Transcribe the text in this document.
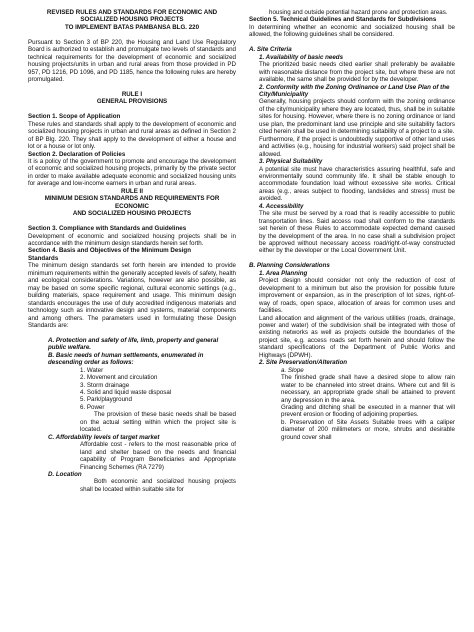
REVISED RULES AND STANDARDS FOR ECONOMIC AND

SOCIALIZED HOUSING PROJECTS

TO IMPLEMENT BATAS PAMBANSA BLG. 220

Pursuant to Section 3 of BP 220, the Housing and Land Use Regulatory Board is authorized to establish and promulgate two levels of standards and technical requirements for the development of economic and socialized housing projects/units in urban and rural areas from those provided in PD 957, PD 1216, PD 1096, and PD 1185, hence the following rules are hereby promulgated.

RULE I

GENERAL PROVISIONS

Section 1. Scope of Application

These rules and standards shall apply to the development of economic and socialized housing projects in urban and rural areas as defined in Section 2 of BP Blg. 220. They shall apply to the development of either a house and lot or a house or lot only.

Section 2. Declaration of Policies

It is a policy of the government to promote and encourage the development of economic and socialized housing projects, primarily by the private sector in order to make available adequate economic and socialized housing units for average and low-income earners in urban and rural areas.

RULE II

MINIMUM DESIGN STANDARDS AND REQUIREMENTS FOR

ECONOMIC

AND SOCIALIZED HOUSING PROJECTS

Section 3. Compliance with Standards and Guidelines

Development of economic and socialized housing projects shall be in accordance with the minimum design standards herein set forth.

Section 4. Basis and Objectives of the Minimum Design

Standards

The minimum design standards set forth herein are intended to provide minimum requirements within the generally accepted levels of safety, health and ecological considerations. Variations, however are also possible, as may be based on some specific regional, cultural economic settings (e.g., building materials, space requirement and usage. This minimum design standards encourages the use of duly accredited indigenous materials and technology such as innovative design and systems, material components and among others. The parameters used in formulating these Design Standards are:

A. Protection and safety of life, limb, property and general public welfare.

B. Basic needs of human settlements, enumerated in descending order as follows:

1. Water

2. Movement and circulation

3. Storm drainage

4. Solid and liquid waste disposal

5. Park/playground

6. Power

The provision of these basic needs shall be based on the actual setting within which the project site is located.

C. Affordability levels of target market

Affordable cost - refers to the most reasonable price of land and shelter based on the needs and financial capability of Program Beneficiaries and Appropriate Financing Schemes (RA 7279)

D. Location

Both economic and socialized housing projects shall be located within suitable site for

housing and outside potential hazard prone and protection areas.

Section 5. Technical Guidelines and Standards for Subdivisions

In determining whether an economic and socialized housing shall be allowed, the following guidelines shall be considered.

A. Site Criteria

1. Availability of basic needs

The prioritized basic needs cited earlier shall preferably be available with reasonable distance from the project site, but where these are not available, the same shall be provided for by the developer.

2. Conformity with the Zoning Ordinance or Land Use Plan of the City/Municipality

Generally, housing projects should conform with the zoning ordinance of the city/municipality where they are located, thus, shall be in suitable sites for housing. However, where there is no zoning ordinance or land use plan, the predominant land use principle and site suitability factors cited herein shall be used in determining suitability of a project to a site.

Furthermore, if the project is undoubtedly supportive of other land uses and activities (e.g., housing for industrial workers) said project shall be allowed.

3. Physical Suitability

A potential site must have characteristics assuring healthful, safe and environmentally sound community life. It shall be stable enough to accommodate foundation load without excessive site works. Critical areas (e.g., areas subject to flooding, landslides and stress) must be avoided.

4. Accessibility

The site must be served by a road that is readily accessible to public transportation lines. Said access road shall conform to the standards set herein of these Rules to accommodate expected demand caused by the development of the area. In no case shall a subdivision project be approved without necessary access road/right-of-way constructed either by the developer or the Local Government Unit.

B. Planning Considerations

1. Area Planning

Project design should consider not only the reduction of cost of development to a minimum but also the provision for possible future improvement or expansion, as in the prescription of lot sizes, right-of-way of roads, open space, allocation of areas for common uses and facilities.

Land allocation and alignment of the various utilities (roads, drainage, power and water) of the subdivision shall be integrated with those of existing networks as well as projects outside the boundaries of the project site, e.g. access roads set forth herein and should follow the standard specifications of the Department of Public Works and Highways (DPWH).

2. Site Preservation/Alteration

a. Slope

The finished grade shall have a desired slope to allow rain water to be channeled into street drains. Where cut and fill is necessary, an appropriate grade shall be attained to prevent any depression in the area.

Grading and ditching shall be executed in a manner that will prevent erosion or flooding of adjoining properties.

b. Preservation of Site Assets Suitable trees with a caliper diameter of 200 millimeters or more, shrubs and desirable ground cover shall
